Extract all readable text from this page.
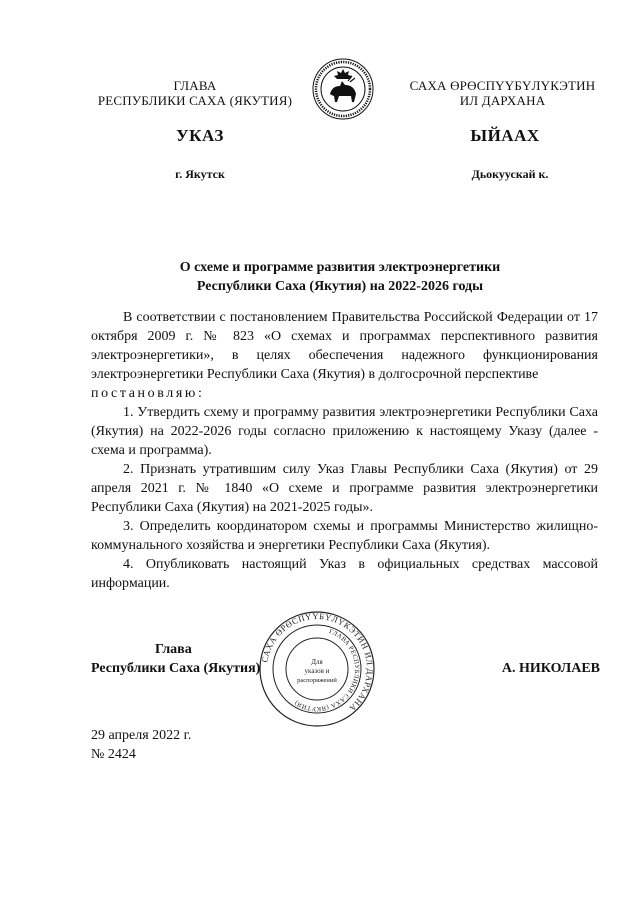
ГЛАВА
РЕСПУБЛИКИ САХА (ЯКУТИЯ)
САХА ӨРӨСПҮҮБҮЛҮКЭТИН
ИЛ ДАРХАНА
УКАЗ	ЫЙААХ
г. Якутск	Дьокуускай к.
О схеме и программе развития электроэнергетики
Республики Саха (Якутия) на 2022-2026 годы

В соответствии с постановлением Правительства Российской Федерации от 17 октября 2009 г. № 823 «О схемах и программах перспективного развития электроэнергетики», в целях обеспечения надежного функционирования электроэнергетики Республики Саха (Якутия) в долгосрочной перспективе

постановляю:

1. Утвердить схему и программу развития электроэнергетики Республики Саха (Якутия) на 2022-2026 годы согласно приложению к настоящему Указу (далее - схема и программа).

2. Признать утратившим силу Указ Главы Республики Саха (Якутия) от 29 апреля 2021 г. № 1840 «О схеме и программе развития электроэнергетики Республики Саха (Якутия) на 2021-2025 годы».

3. Определить координатором схемы и программы Министерство жилищно-коммунального хозяйства и энергетики Республики Саха (Якутия).

4. Опубликовать настоящий Указ в официальных средствах массовой информации.

Глава
Республики Саха (Якутия)	А. НИКОЛАЕВ
САХА ӨРӨСПҮҮБҮЛҮКЭТИН ИЛ ДАРХАНА
ГЛАВА РЕСПУБЛИКИ САХА (ЯКУТИЯ)
Для
указов и
распоряжений
29 апреля 2022 г.
№ 2424
